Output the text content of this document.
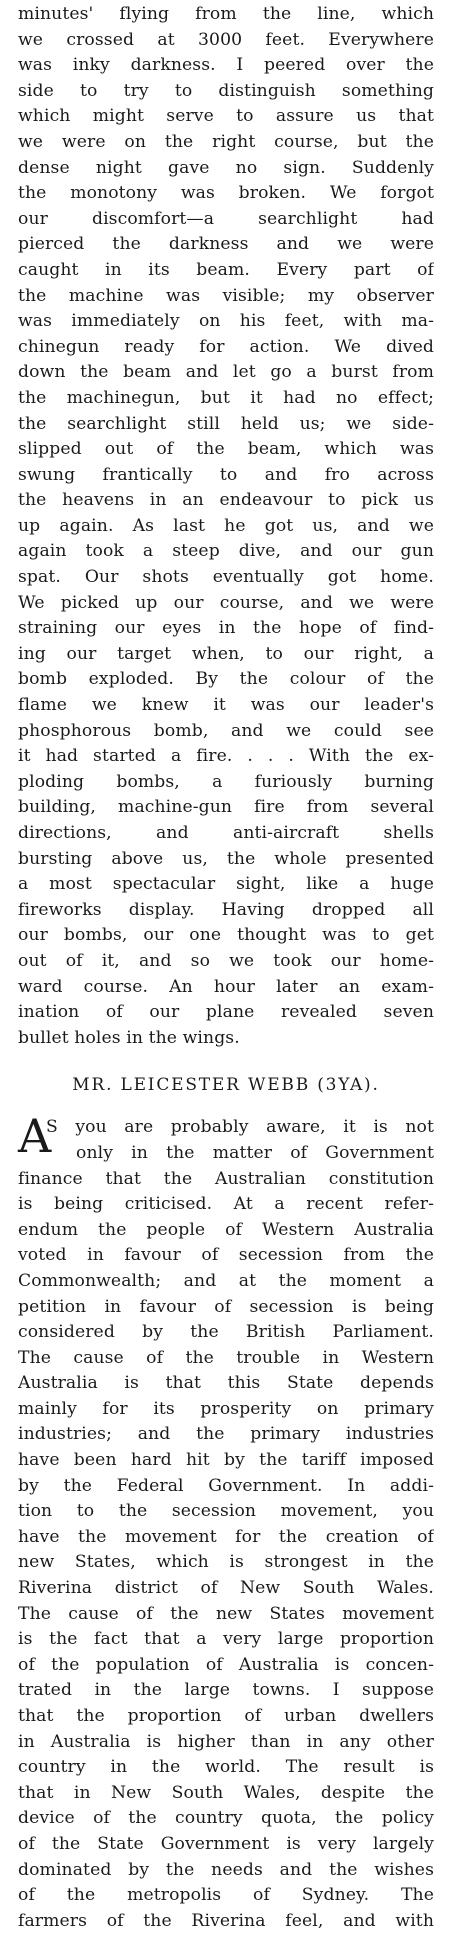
minutes' flying from the line, which
we crossed at 3000 feet. Everywhere
was inky darkness. I peered over the
side to try to distinguish something
which might serve to assure us that
we were on the right course, but the
dense night gave no sign. Suddenly
the monotony was broken. We forgot
our discomfort—a searchlight had
pierced the darkness and we were
caught in its beam. Every part of
the machine was visible; my observer
was immediately on his feet, with ma-
chinegun ready for action. We dived
down the beam and let go a burst from
the machinegun, but it had no effect;
the searchlight still held us; we side-
slipped out of the beam, which was
swung frantically to and fro across
the heavens in an endeavour to pick us
up again. As last he got us, and we
again took a steep dive, and our gun
spat. Our shots eventually got home.
We picked up our course, and we were
straining our eyes in the hope of find-
ing our target when, to our right, a
bomb exploded. By the colour of the
flame we knew it was our leader's
phosphorous bomb, and we could see
it had started a fire. . . . With the ex-
ploding bombs, a furiously burning
building, machine-gun fire from several
directions, and anti-aircraft shells
bursting above us, the whole presented
a most spectacular sight, like a huge
fireworks display. Having dropped all
our bombs, our one thought was to get
out of it, and so we took our home-
ward course. An hour later an exam-
ination of our plane revealed seven
bullet holes in the wings.
MR. LEICESTER WEBB (3YA).
A
S you are probably aware, it is not
only in the matter of Government
finance that the Australian constitution
is being criticised. At a recent refer-
endum the people of Western Australia
voted in favour of secession from the
Commonwealth; and at the moment a
petition in favour of secession is being
considered by the British Parliament.
The cause of the trouble in Western
Australia is that this State depends
mainly for its prosperity on primary
industries; and the primary industries
have been hard hit by the tariff imposed
by the Federal Government. In addi-
tion to the secession movement, you
have the movement for the creation of
new States, which is strongest in the
Riverina district of New South Wales.
The cause of the new States movement
is the fact that a very large proportion
of the population of Australia is concen-
trated in the large towns. I suppose
that the proportion of urban dwellers
in Australia is higher than in any other
country in the world. The result is
that in New South Wales, despite the
device of the country quota, the policy
of the State Government is very largely
dominated by the needs and the wishes
of the metropolis of Sydney. The
farmers of the Riverina feel, and with
